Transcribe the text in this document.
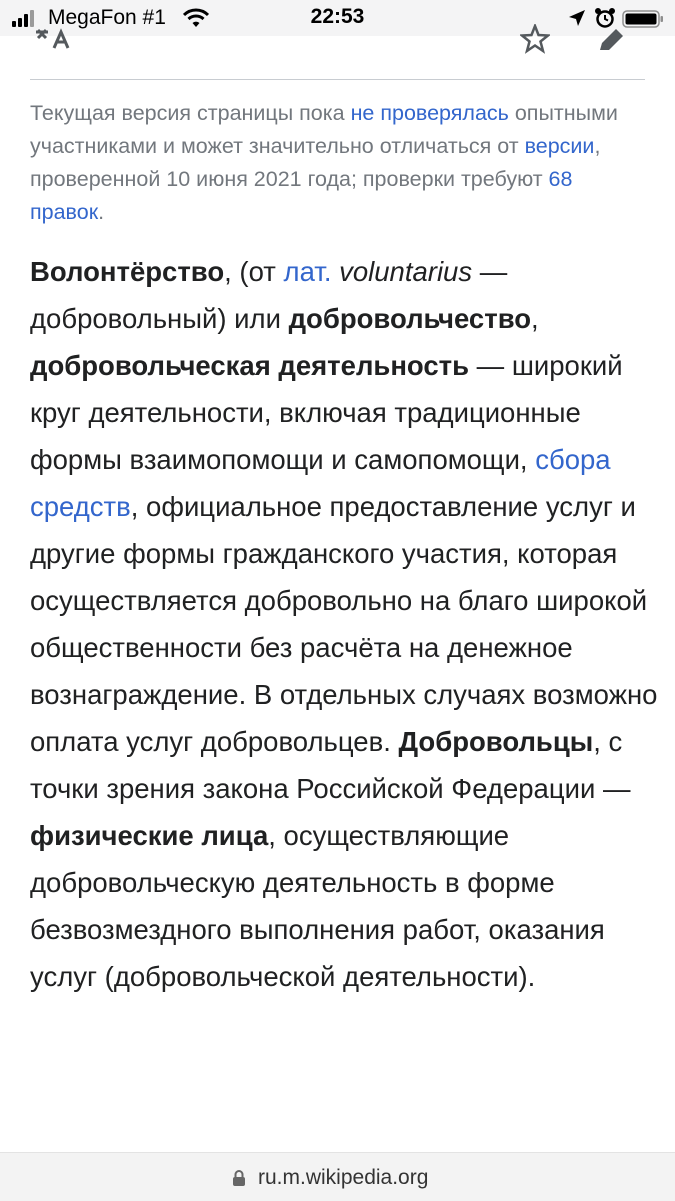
MegaFon #1	22:53
Текущая версия страницы пока не проверялась опытными участниками и может значительно отличаться от версии, проверенной 10 июня 2021 года; проверки требуют 68 правок.
Волонтёрство, (от лат. voluntarius — добровольный) или добровольчество, добровольческая деятельность — широкий круг деятельности, включая традиционные формы взаимопомощи и самопомощи, сбора средств, официальное предоставление услуг и другие формы гражданского участия, которая осуществляется добровольно на благо широкой общественности без расчёта на денежное вознаграждение. В отдельных случаях возможно оплата услуг добровольцев. Добровольцы, с точки зрения закона Российской Федерации — физические лица, осуществляющие добровольческую деятельность в форме безвозмездного выполнения работ, оказания услуг (добровольческой деятельности).
ru.m.wikipedia.org
